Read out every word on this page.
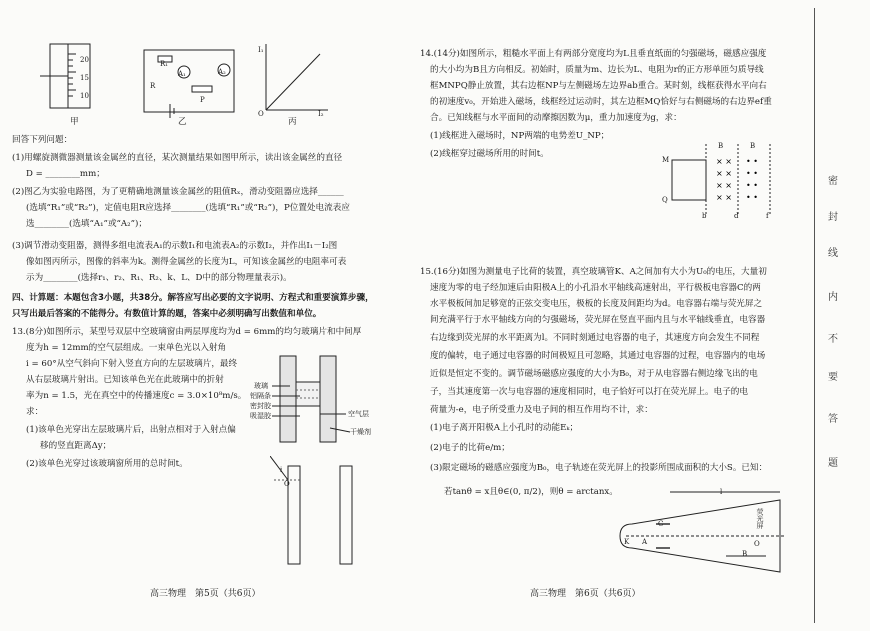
20
15
10
甲
R₁
A₁	A₂
R
P
乙
I₁
I₂
O
丙
回答下列问题：
(1)用螺旋测微器测量该金属丝的直径，某次测量结果如图甲所示，读出该金属丝的直径
D = ________mm；
(2)图乙为实验电路图，为了更精确地测量该金属丝的阻值Rₓ，滑动变阻器应选择______
(选填“R₁”或“R₂”)，定值电阻R应选择________(选填“R₁”或“R₂”)，P位置处电流表应
选________(选填“A₁”或“A₂”)；
(3)调节滑动变阻器，测得多组电流表A₁的示数I₁和电流表A₂的示数I₂，并作出I₁－I₂图
像如图丙所示，图像的斜率为k。测得金属丝的长度为L，可知该金属丝的电阻率可表
示为________(选择r₁、r₂、R₁、R₂、k、L、D中的部分物理量表示)。
四、计算题：本题包含3小题，共38分。解答应写出必要的文字说明、方程式和重要演算步骤，
只写出最后答案的不能得分。有数值计算的题，答案中必须明确写出数值和单位。
13.(8分)如图所示，某型号双层中空玻璃窗由两层厚度均为d = 6mm的均匀玻璃片和中间厚
度为h = 12mm的空气层组成。一束单色光以入射角
i = 60°从空气斜向下射入竖直方向的左层玻璃片，最终
从右层玻璃片射出。已知该单色光在此玻璃中的折射
率为n = 1.5，光在真空中的传播速度c = 3.0×10⁸m/s。
求：
(1)该单色光穿出左层玻璃片后，出射点相对于入射点偏
移的竖直距离Δy；
(2)该单色光穿过该玻璃窗所用的总时间t。
玻璃
铝隔条
密封胶
吸湿胶	空气层
干燥剂
i
O
高三物理　第5页（共6页）
14.(14分)如图所示，粗糙水平面上有两部分宽度均为L且垂直纸面的匀强磁场，磁感应强度
的大小均为B且方向相反。初始时，质量为m、边长为L、电阻为r的正方形单匝匀质导线
框MNPQ静止放置，其右边框NP与左侧磁场左边界ab重合。某时刻，线框获得水平向右
的初速度v₀，开始进入磁场，线框经过运动时，其左边框MQ恰好与右侧磁场的右边界ef重
合。已知线框与水平面间的动摩擦因数为μ，重力加速度为g，求：
(1)线框进入磁场时，NP两端的电势差U_NP；
(2)线框穿过磁场所用的时间t。
× ×
× ×
× ×
× ×
• •
• •
• •
• •
M
Q
B	B
b	d	f
15.(16分)如图为测量电子比荷的装置，真空玻璃管K、A之间加有大小为U₀的电压，大量初
速度为零的电子经加速后由阳极A上的小孔沿水平轴线高速射出，平行极板电容器C的两
水平极板间加足够宽的正弦交变电压，极板的长度及间距均为d。电容器右端与荧光屏之
间充满平行于水平轴线方向的匀强磁场，荧光屏在竖直平面内且与水平轴线垂直，电容器
右边缘到荧光屏的水平距离为l。不同时刻通过电容器的电子，其速度方向会发生不同程
度的偏转，电子通过电容器的时间极短且可忽略，其通过电容器的过程，电容器内的电场
近似是恒定不变的。调节磁场磁感应强度的大小为B₀，对于从电容器右侧边缘飞出的电
子，当其速度第一次与电容器的速度相同时，电子恰好可以打在荧光屏上。电子的电
荷量为-e，电子所受重力及电子间的相互作用均不计，求：
(1)电子离开阳极A上小孔时的动能Eₖ；
(2)电子的比荷e/m；
(3)限定磁场的磁感应强度为B₀，电子轨迹在荧光屏上的投影所围成面积的大小S。已知：
若tanθ = x且θ∈(0, π/2)，则θ = arctanx。	l
C
K A
B
荧光屏
O
高三物理　第6页（共6页）
密
封
线
内
不
要
答
题
